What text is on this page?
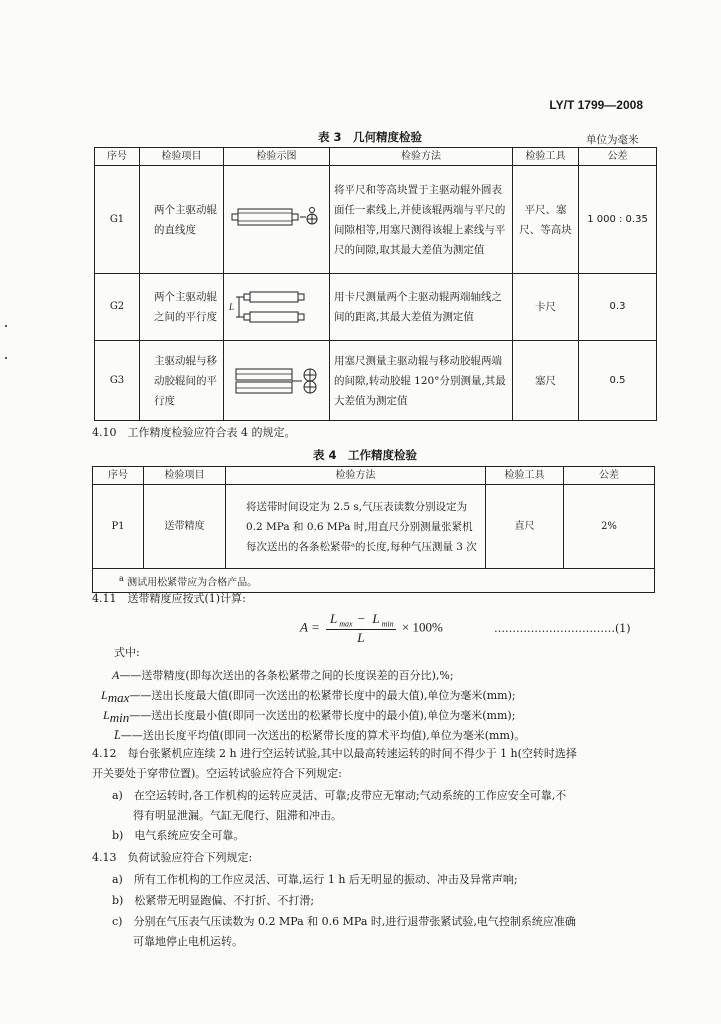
LY/T 1799—2008
表 3　几何精度检验	单位为毫米
序号	检验项目	检验示图	检验方法	检验工具	公差
G1	两个主驱动辊的直线度		将平尺和等高块置于主驱动辊外圆表面任一素线上,并使该辊两端与平尺的间隙相等,用塞尺测得该辊上素线与平尺的间隙,取其最大差值为测定值	平尺、塞尺、等高块	1 000 : 0.35
G2	两个主驱动辊之间的平行度	L	用卡尺测量两个主驱动辊两端轴线之间的距离,其最大差值为测定值	卡尺	0.3
G3	主驱动辊与移动胶辊间的平行度		用塞尺测量主驱动辊与移动胶辊两端的间隙,转动胶辊 120°分别测量,其最大差值为测定值	塞尺	0.5
4.10　 工作精度检验应符合表 4 的规定。
表 4　工作精度检验
序号	检验项目	检验方法	检验工具	公差
P1	送带精度	将送带时间设定为 2.5 s,气压表读数分别设定为 0.2 MPa 和 0.6 MPa 时,用直尺分别测量张紧机每次送出的各条松紧带ᵃ的长度,每种气压测量 3 次	直尺	2%
$^a$ 测试用松紧带应为合格产品。				
4.11　 送带精度应按式(1)计算:
$A = \frac{L _{max} - L _{min}}{L} \times 100\%$	……………………………(1)
式中:
A——送带精度(即每次送出的各条松紧带之间的长度误差的百分比),%;
$L_{max}——$送出长度最大值(即同一次送出的松紧带长度中的最大值),单位为毫米(mm);
$L_{min}——$送出长度最小值(即同一次送出的松紧带长度中的最小值),单位为毫米(mm);
L̄——送出长度平均值(即同一次送出的松紧带长度的算术平均值),单位为毫米(mm)。
4.12　 每台张紧机应连续 2 h 进行空运转试验,其中以最高转速运转的时间不得少于 1 h(空转时选择
开关要处于穿带位置)。空运转试验应符合下列规定:
a)　 在空运转时,各工作机构的运转应灵活、可靠;皮带应无窜动;气动系统的工作应安全可靠,不
得有明显泄漏。气缸无爬行、阻滞和冲击。
b)　 电气系统应安全可靠。
4.13　 负荷试验应符合下列规定:
a)　 所有工作机构的工作应灵活、可靠,运行 1 h 后无明显的振动、冲击及异常声响;
b)　 松紧带无明显跑偏、不打折、不打滑;
c)　 分别在气压表气压读数为 0.2 MPa 和 0.6 MPa 时,进行退带张紧试验,电气控制系统应准确
可靠地停止电机运转。
